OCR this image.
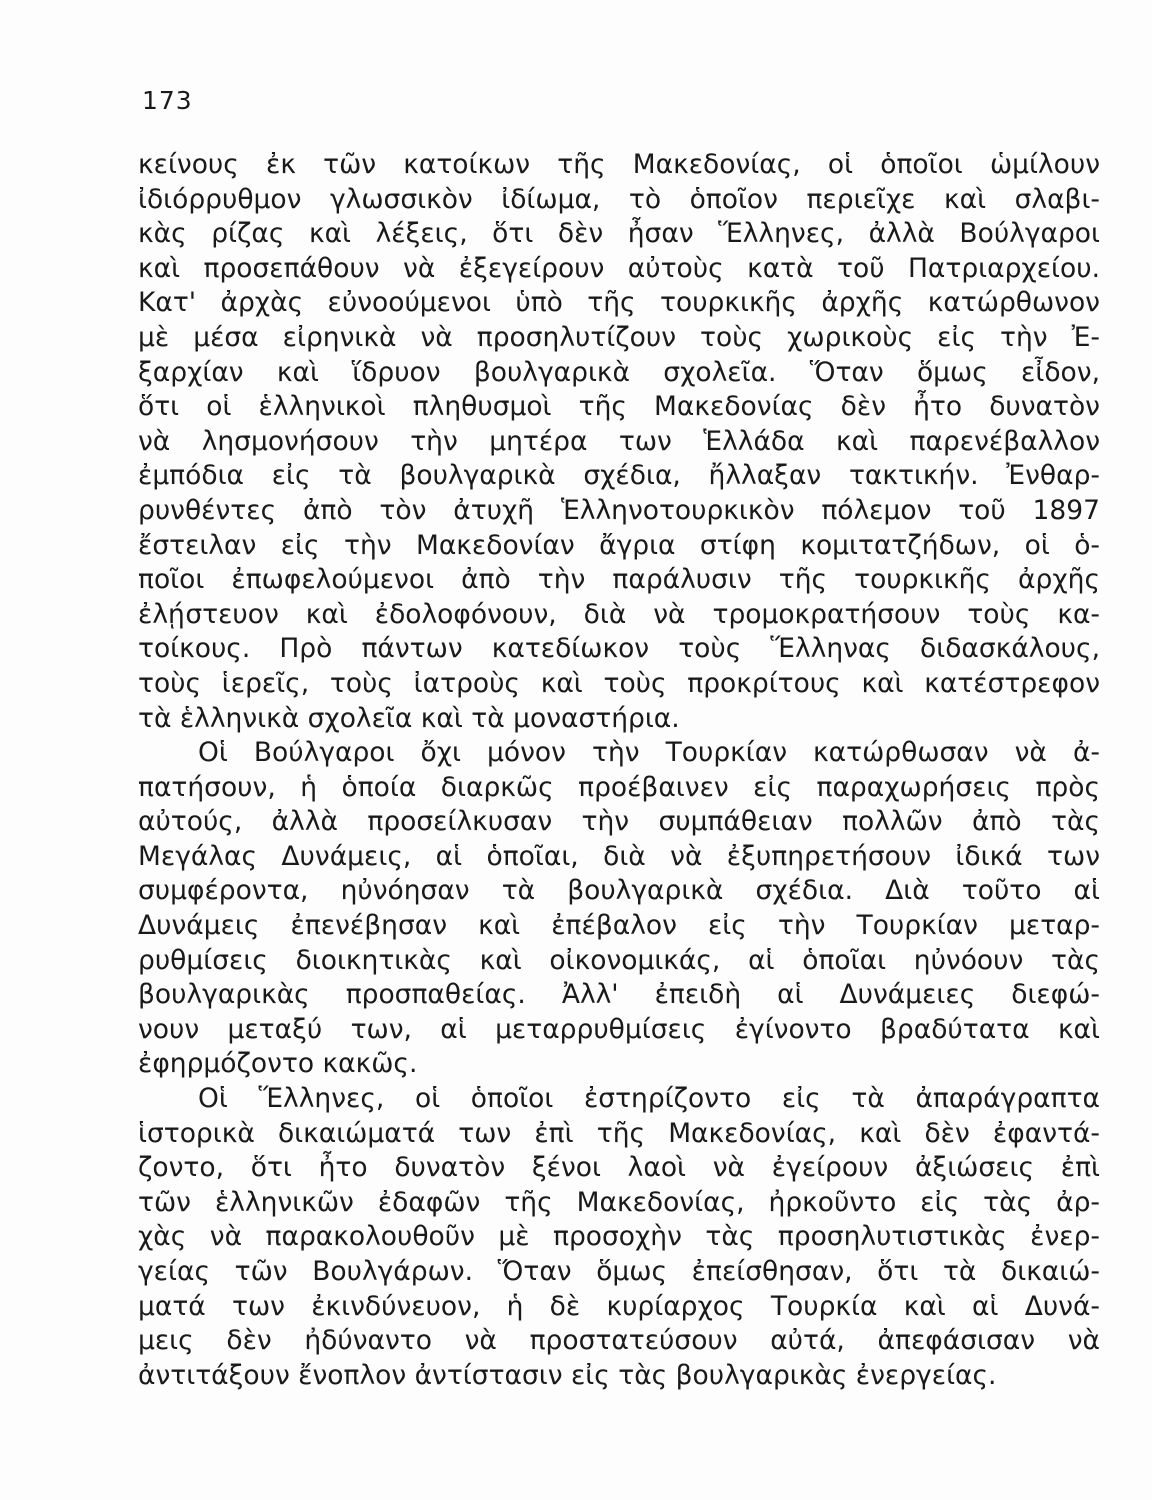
173
κείνους ἐκ τῶν κατοίκων τῆς Μακεδονίας, οἱ ὁποῖοι ὡμίλουν
ἰδιόρρυθμον γλωσσικὸν ἰδίωμα, τὸ ὁποῖον περιεῖχε καὶ σλαβι-
κὰς ρίζας καὶ λέξεις, ὅτι δὲν ἦσαν Ἕλληνες, ἀλλὰ Βούλγαροι
καὶ προσεπάθουν νὰ ἐξεγείρουν αὐτοὺς κατὰ τοῦ Πατριαρχείου.
Κατ' ἀρχὰς εὐνοούμενοι ὑπὸ τῆς τουρκικῆς ἀρχῆς κατώρθωνον
μὲ μέσα εἰρηνικὰ νὰ προσηλυτίζουν τοὺς χωρικοὺς εἰς τὴν Ἐ-
ξαρχίαν καὶ ἵδρυον βουλγαρικὰ σχολεῖα. Ὅταν ὅμως εἶδον,
ὅτι οἱ ἑλληνικοὶ πληθυσμοὶ τῆς Μακεδονίας δὲν ἦτο δυνατὸν
νὰ λησμονήσουν τὴν μητέρα των Ἑλλάδα καὶ παρενέβαλλον
ἐμπόδια εἰς τὰ βουλγαρικὰ σχέδια, ἤλλαξαν τακτικήν. Ἐνθαρ-
ρυνθέντες ἀπὸ τὸν ἀτυχῆ Ἑλληνοτουρκικὸν πόλεμον τοῦ 1897
ἔστειλαν εἰς τὴν Μακεδονίαν ἄγρια στίφη κομιτατζήδων, οἱ ὁ-
ποῖοι ἐπωφελούμενοι ἀπὸ τὴν παράλυσιν τῆς τουρκικῆς ἀρχῆς
ἐλῄστευον καὶ ἐδολοφόνουν, διὰ νὰ τρομοκρατήσουν τοὺς κα-
τοίκους. Πρὸ πάντων κατεδίωκον τοὺς Ἕλληνας διδασκάλους,
τοὺς ἱερεῖς, τοὺς ἰατροὺς καὶ τοὺς προκρίτους καὶ κατέστρεφον
τὰ ἑλληνικὰ σχολεῖα καὶ τὰ μοναστήρια.
Οἱ Βούλγαροι ὄχι μόνον τὴν Τουρκίαν κατώρθωσαν νὰ ἀ-
πατήσουν, ἡ ὁποία διαρκῶς προέβαινεν εἰς παραχωρήσεις πρὸς
αὐτούς, ἀλλὰ προσείλκυσαν τὴν συμπάθειαν πολλῶν ἀπὸ τὰς
Μεγάλας Δυνάμεις, αἱ ὁποῖαι, διὰ νὰ ἐξυπηρετήσουν ἰδικά των
συμφέροντα, ηὐνόησαν τὰ βουλγαρικὰ σχέδια. Διὰ τοῦτο αἱ
Δυνάμεις ἐπενέβησαν καὶ ἐπέβαλον εἰς τὴν Τουρκίαν μεταρ-
ρυθμίσεις διοικητικὰς καὶ οἰκονομικάς, αἱ ὁποῖαι ηὐνόουν τὰς
βουλγαρικὰς προσπαθείας. Ἀλλ' ἐπειδὴ αἱ Δυνάμειες διεφώ-
νουν μεταξύ των, αἱ μεταρρυθμίσεις ἐγίνοντο βραδύτατα καὶ
ἐφηρμόζοντο κακῶς.
Οἱ Ἕλληνες, οἱ ὁποῖοι ἐστηρίζοντο εἰς τὰ ἀπαράγραπτα
ἱστορικὰ δικαιώματά των ἐπὶ τῆς Μακεδονίας, καὶ δὲν ἐφαντά-
ζοντο, ὅτι ἦτο δυνατὸν ξένοι λαοὶ νὰ ἐγείρουν ἀξιώσεις ἐπὶ
τῶν ἑλληνικῶν ἐδαφῶν τῆς Μακεδονίας, ἠρκοῦντο εἰς τὰς ἀρ-
χὰς νὰ παρακολουθοῦν μὲ προσοχὴν τὰς προσηλυτιστικὰς ἐνερ-
γείας τῶν Βουλγάρων. Ὅταν ὅμως ἐπείσθησαν, ὅτι τὰ δικαιώ-
ματά των ἐκινδύνευον, ἡ δὲ κυρίαρχος Τουρκία καὶ αἱ Δυνά-
μεις δὲν ἠδύναντο νὰ προστατεύσουν αὐτά, ἀπεφάσισαν νὰ
ἀντιτάξουν ἔνοπλον ἀντίστασιν εἰς τὰς βουλγαρικὰς ἐνεργείας.
